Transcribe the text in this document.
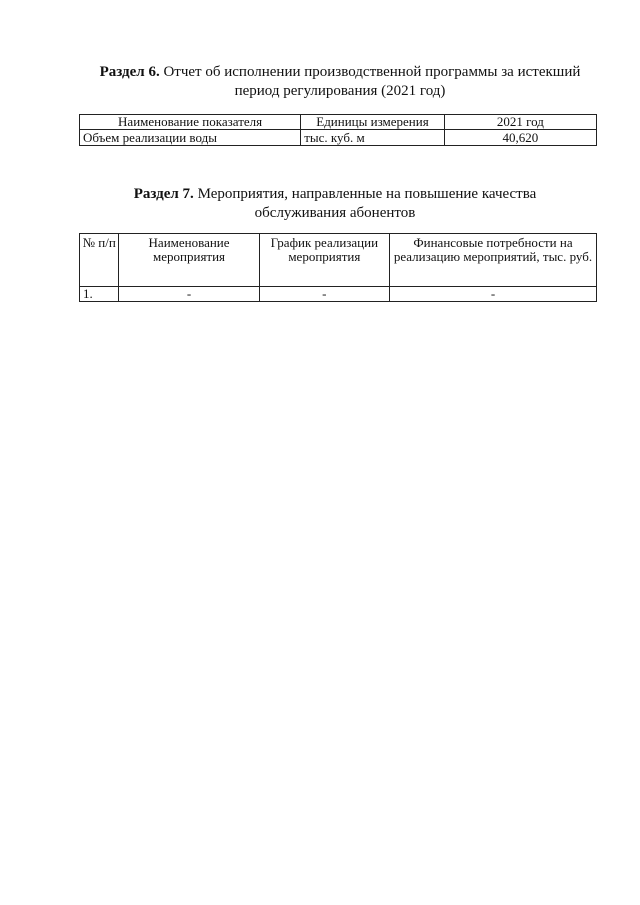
Раздел 6. Отчет об исполнении производственной программы за истекший период регулирования (2021 год)
Наименование показателя	Единицы измерения	2021 год
Объем реализации воды	тыс. куб. м	40,620
Раздел 7. Мероприятия, направленные на повышение качества обслуживания абонентов
№ п/п	Наименование мероприятия	График реализации мероприятия	Финансовые потребности на реализацию мероприятий, тыс. руб.
1.	-	-	-
